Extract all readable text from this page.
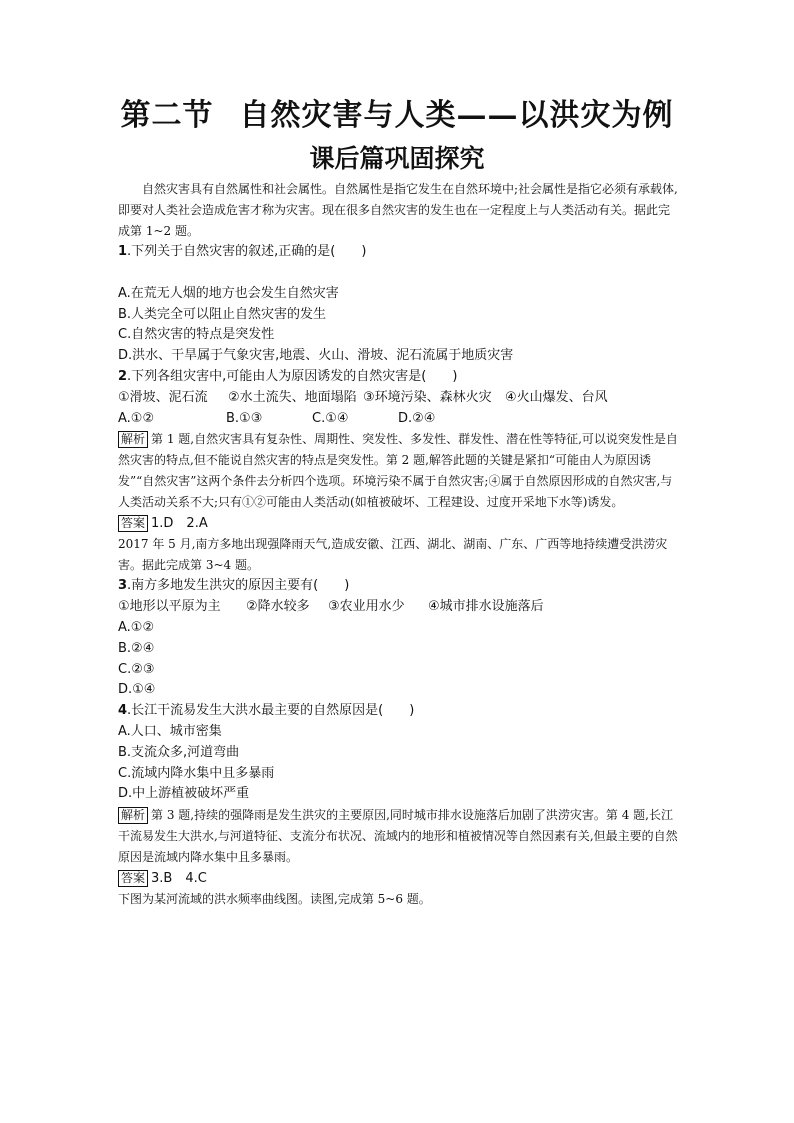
第二节 自然灾害与人类——以洪灾为例
课后篇巩固探究

自然灾害具有自然属性和社会属性。自然属性是指它发生在自然环境中;社会属性是指它必须有承载体,即要对人类社会造成危害才称为灾害。现在很多自然灾害的发生也在一定程度上与人类活动有关。据此完成第 1~2 题。

1.下列关于自然灾害的叙述,正确的是(　　)

A.在荒无人烟的地方也会发生自然灾害

B.人类完全可以阻止自然灾害的发生

C.自然灾害的特点是突发性

D.洪水、干旱属于气象灾害,地震、火山、滑坡、泥石流属于地质灾害

2.下列各组灾害中,可能由人为原因诱发的自然灾害是(　　)

①滑坡、泥石流	②水土流失、地面塌陷 ③环境污染、森林火灾	④火山爆发、台风
A.①②	B.①③	C.①④	D.②④

解析 第 1 题,自然灾害具有复杂性、周期性、突发性、多发性、群发性、潜在性等特征,可以说突发性是自然灾害的特点,但不能说自然灾害的特点是突发性。第 2 题,解答此题的关键是紧扣“可能由人为原因诱发”“自然灾害”这两个条件去分析四个选项。环境污染不属于自然灾害;④属于自然原因形成的自然灾害,与人类活动关系不大;只有①②可能由人类活动(如植被破坏、工程建设、过度开采地下水等)诱发。

答案 1.D　2.A

2017 年 5 月,南方多地出现强降雨天气,造成安徽、江西、湖北、湖南、广东、广西等地持续遭受洪涝灾害。据此完成第 3~4 题。

3.南方多地发生洪灾的原因主要有(　　)

①地形以平原为主	②降水较多	③农业用水少	④城市排水设施落后

A.①②

B.②④

C.②③

D.①④

4.长江干流易发生大洪水最主要的自然原因是(　　)

A.人口、城市密集

B.支流众多,河道弯曲

C.流域内降水集中且多暴雨

D.中上游植被破坏严重

解析 第 3 题,持续的强降雨是发生洪灾的主要原因,同时城市排水设施落后加剧了洪涝灾害。第 4 题,长江干流易发生大洪水,与河道特征、支流分布状况、流域内的地形和植被情况等自然因素有关,但最主要的自然原因是流域内降水集中且多暴雨。

答案 3.B　4.C

下图为某河流域的洪水频率曲线图。读图,完成第 5~6 题。
